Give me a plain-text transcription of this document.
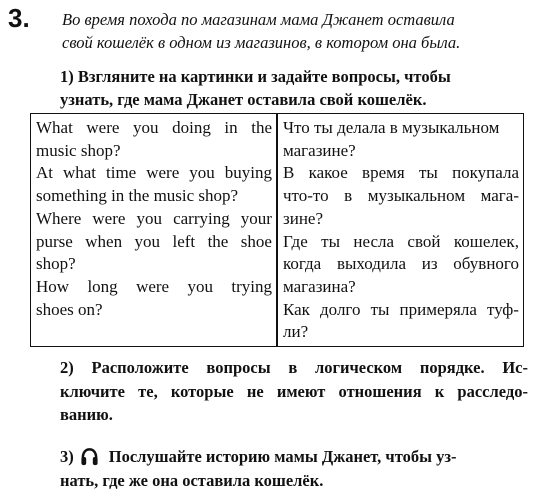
3. Во время похода по магазинам мама Джанет оставила
свой кошелёк в одном из магазинов, в котором она была.
1) Взгляните на картинки и задайте вопросы, чтобы
узнать, где мама Джанет оставила свой кошелёк.
What were you doing in the
music shop?
At what time were you buying
something in the music shop?
Where were you carrying your
purse when you left the shoe
shop?
How long were you trying
shoes on?
Что ты делала в музыкальном
магазине?
В какое время ты покупала
что-то в музыкальном мага-
зине?
Где ты несла свой кошелек,
когда выходила из обувного
магазина?
Как долго ты примеряла туф-
ли?
2) Расположите вопросы в логическом порядке. Ис-
ключите те, которые не имеют отношения к расследо-
ванию.
3) Послушайте историю мамы Джанет, чтобы уз-
нать, где же она оставила кошелёк.
